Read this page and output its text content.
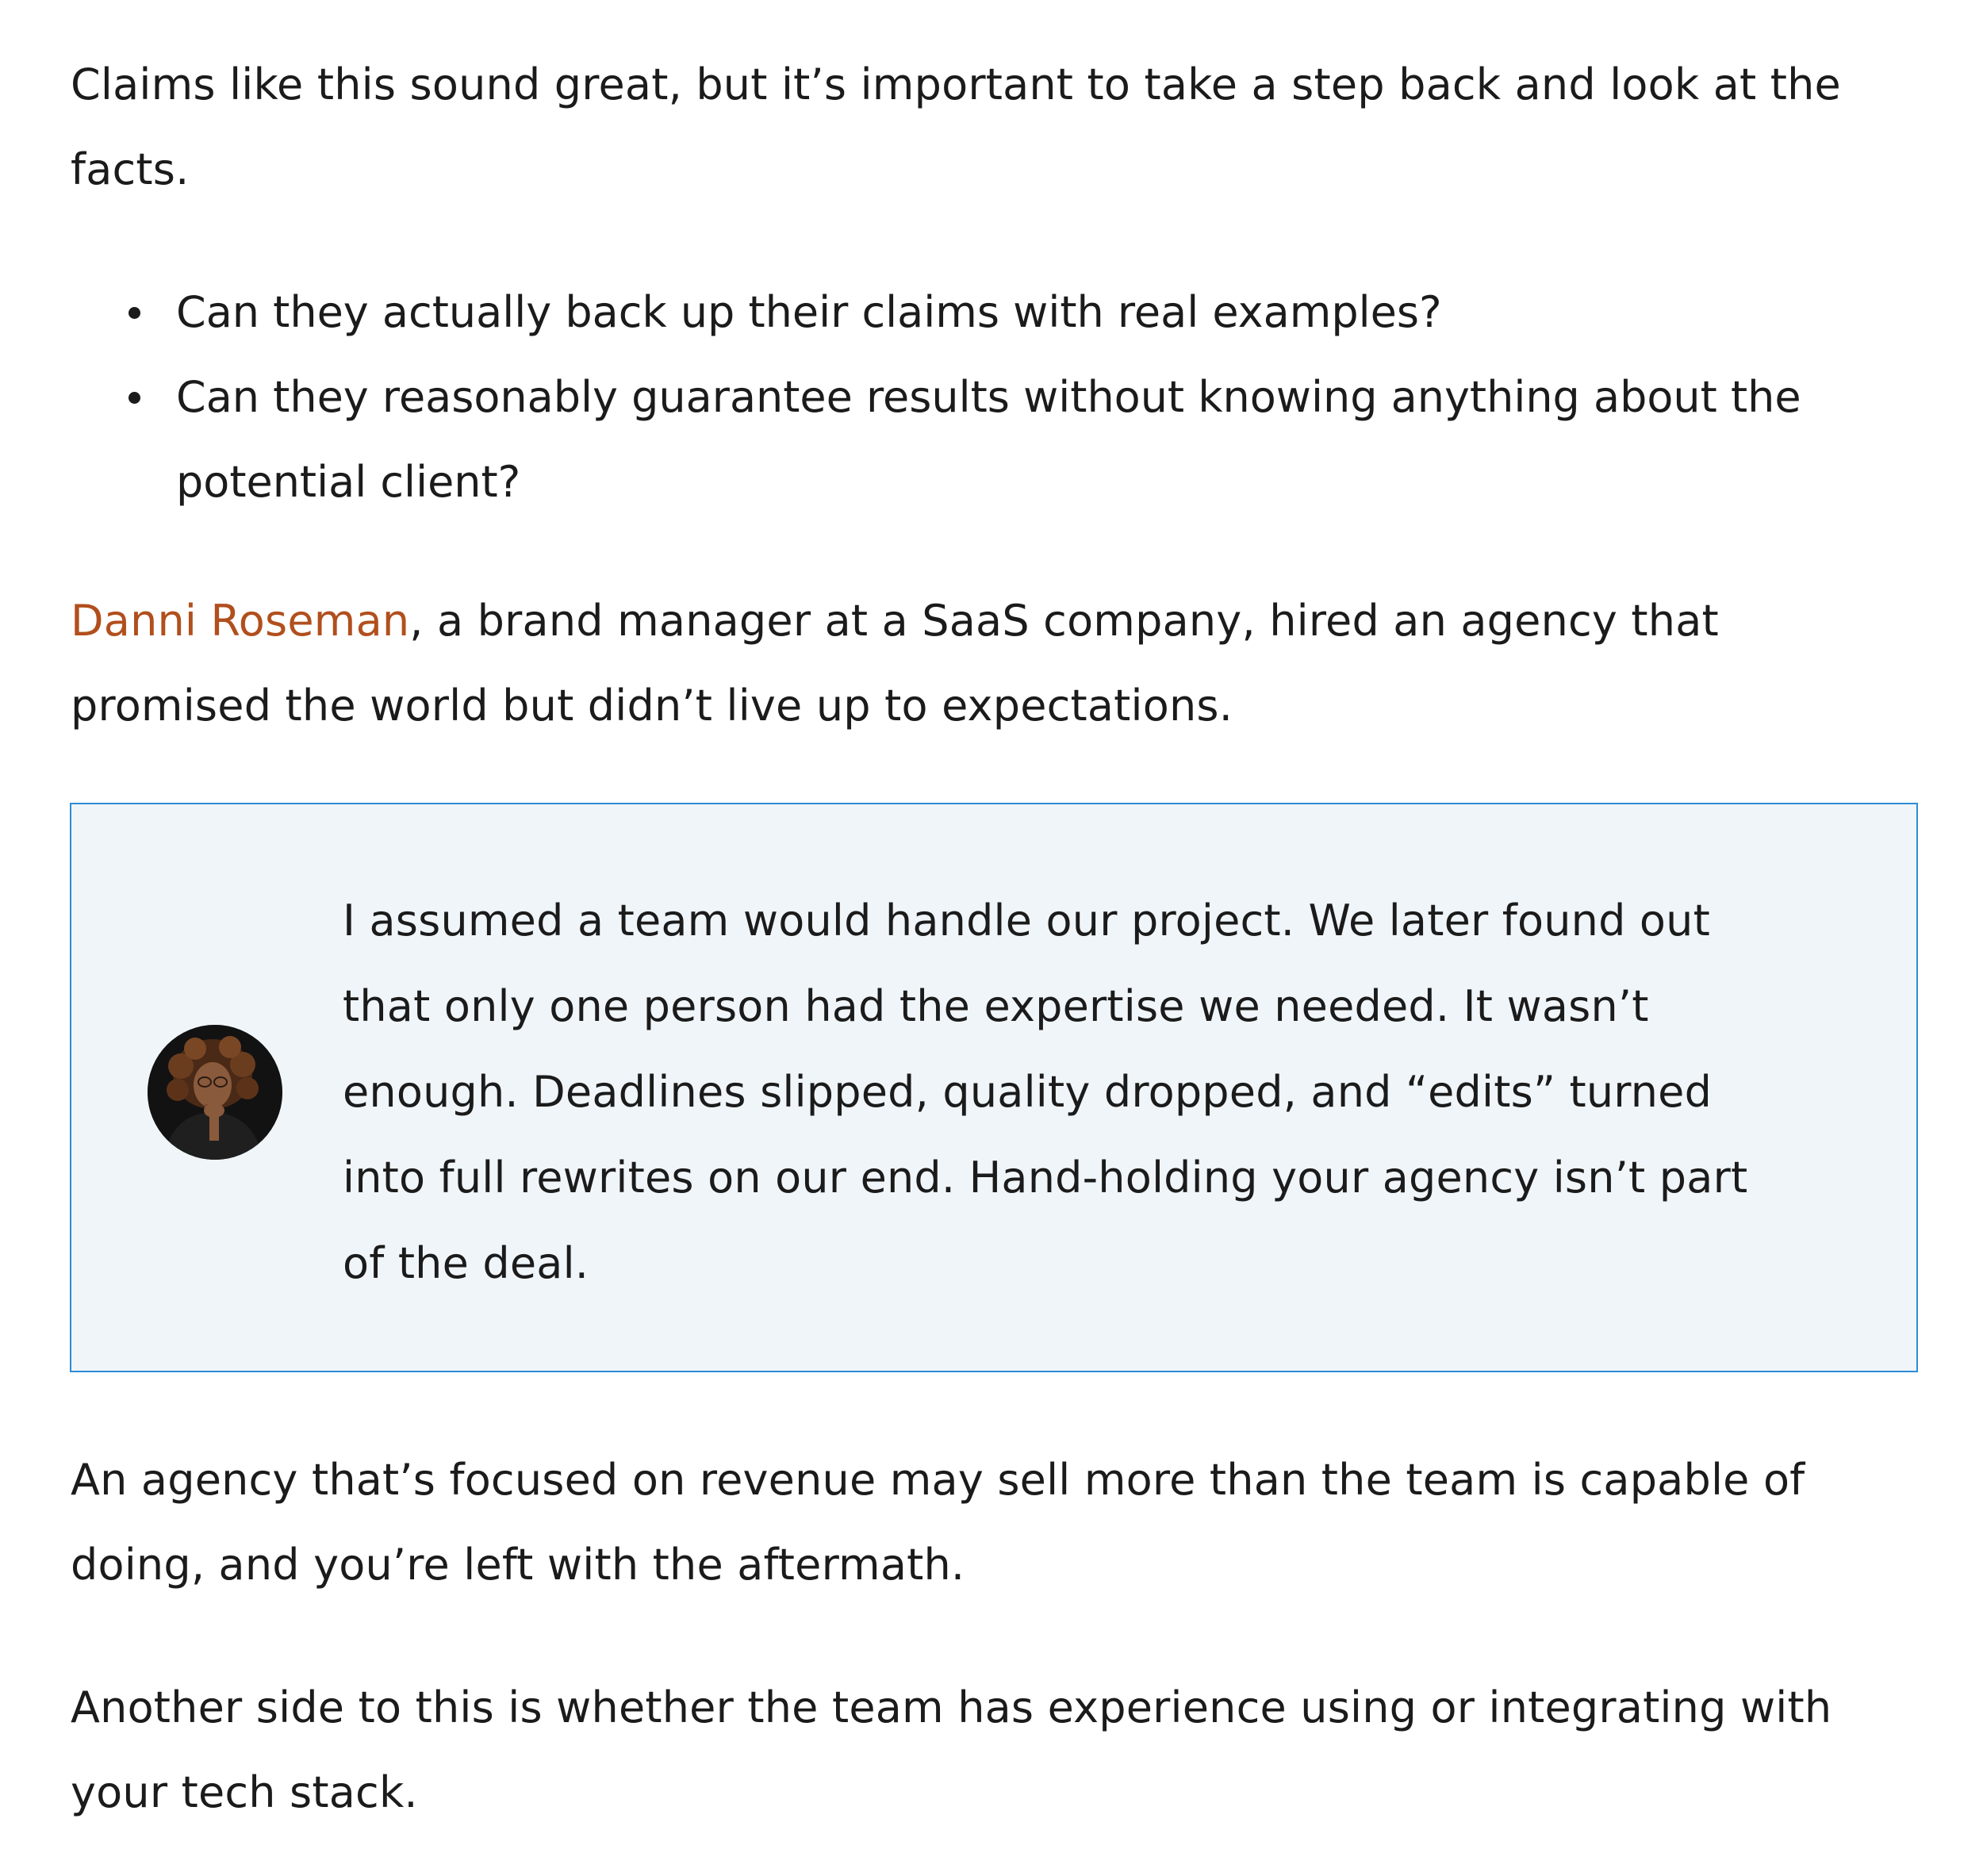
Claims like this sound great, but it’s important to take a step back and look at the
facts.

Can they actually back up their claims with real examples?
Can they reasonably guarantee results without knowing anything about the
potential client?

Danni Roseman, a brand manager at a SaaS company, hired an agency that
promised the world but didn’t live up to expectations.

I assumed a team would handle our project. We later found out
that only one person had the expertise we needed. It wasn’t
enough. Deadlines slipped, quality dropped, and “edits” turned
into full rewrites on our end. Hand-holding your agency isn’t part
of the deal.

An agency that’s focused on revenue may sell more than the team is capable of
doing, and you’re left with the aftermath.

Another side to this is whether the team has experience using or integrating with
your tech stack.
